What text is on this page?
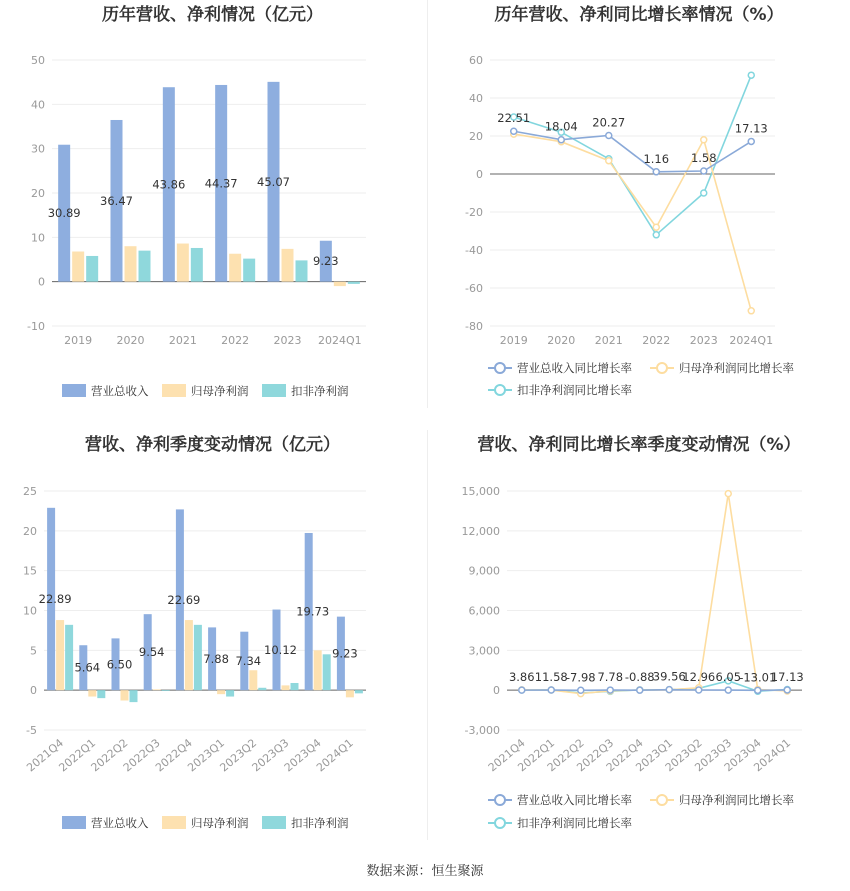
历年营收、净利情况（亿元）
50
40
30
20
10
0
-10
2019 2020 2021 2022 2023 2024Q1
30.89
36.47
43.86 44.37 45.07
9.23
营业总收入	归母净利润	扣非净利润
历年营收、净利同比增长率情况（%）
60
40
20
0
-20
-40
-60
-80
2019 2020 2021 2022 2023 2024Q1
22.51
18.04 20.27
1.16 1.58
17.13
营业总收入同比增长率	归母净利润同比增长率
扣非净利润同比增长率
营收、净利季度变动情况（亿元）
25
20
15
10
5
0
-5
2021Q4
2022Q1
2022Q2
2022Q3
2022Q4
2023Q1
2023Q2
2023Q3
2023Q4
2024Q1
22.89
5.64 6.50
9.54
22.69
7.88 7.34
10.12
19.73
9.23
营业总收入	归母净利润	扣非净利润
营收、净利同比增长率季度变动情况（%）
15,000
12,000
9,000
6,000
3,000
0
-3,000
2021Q4
2022Q1
2022Q2
2022Q3
2022Q4
2023Q1
2023Q2
2023Q3
2023Q4
2024Q1
3.86 11.58
-7.98 7.78 -0.88
39.56
12.96 6.05
-13.01
17.13
营业总收入同比增长率	归母净利润同比增长率
扣非净利润同比增长率
数据来源：恒生聚源
